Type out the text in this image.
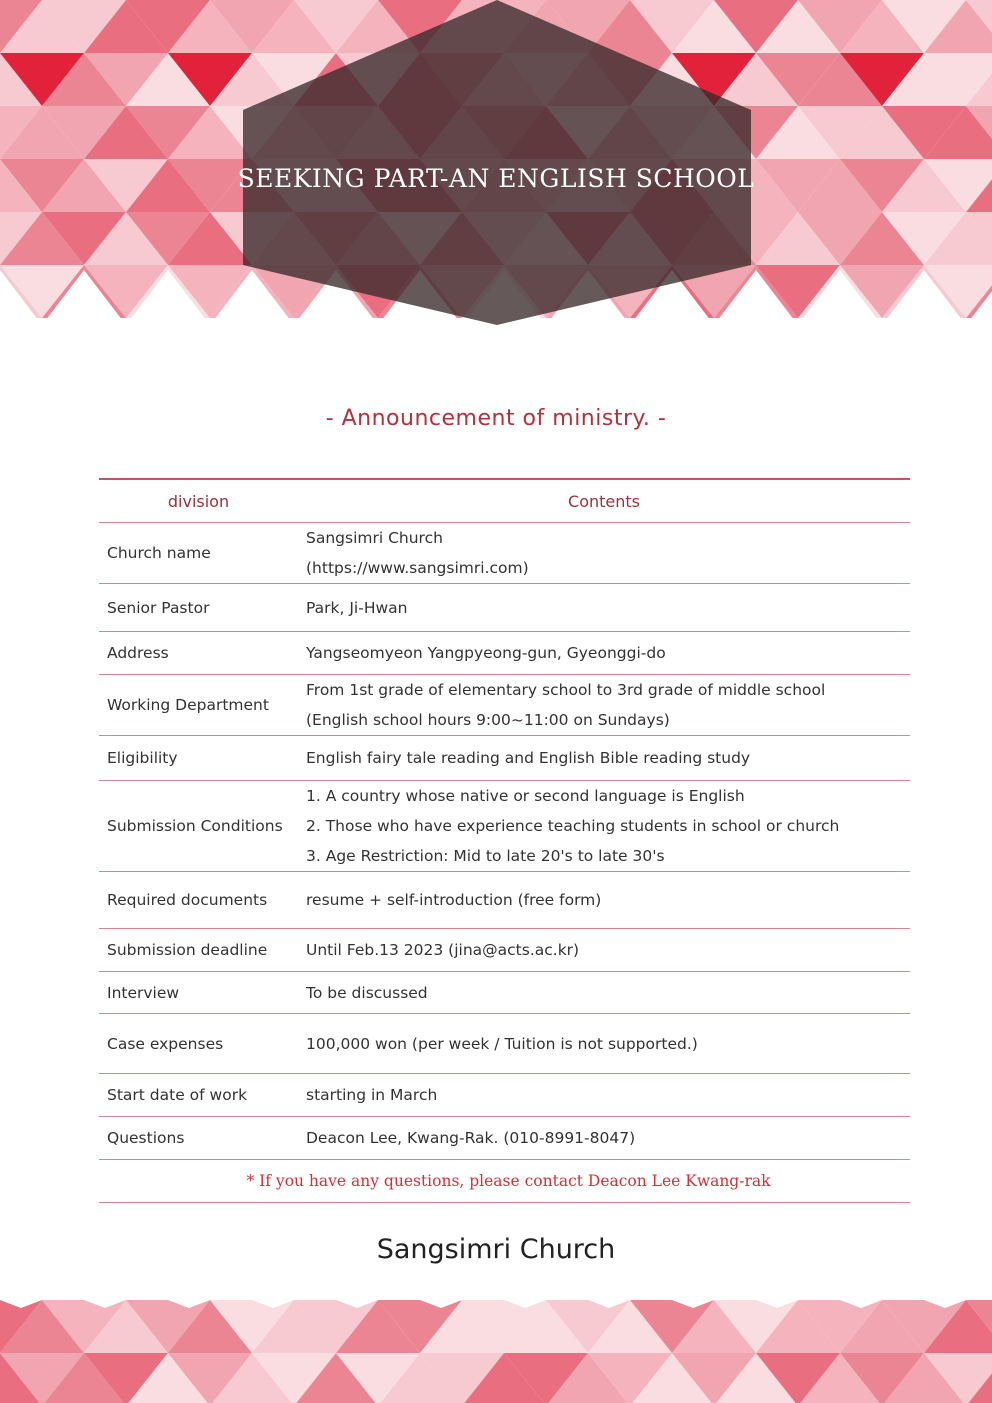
SEEKING PART-AN ENGLISH SCHOOL
- Announcement of ministry. -
division	Contents
Church name	Sangsimri Church
(https://www.sangsimri.com)

Senior Pastor	Park, Ji-Hwan

Address	Yangseomyeon Yangpyeong-gun, Gyeonggi-do

Working Department	From 1st grade of elementary school to 3rd grade of middle school
(English school hours 9:00~11:00 on Sundays)

Eligibility	English fairy tale reading and English Bible reading study

Submission Conditions	1. A country whose native or second language is English
2. Those who have experience teaching students in school or church
3. Age Restriction: Mid to late 20's to late 30's

Required documents	resume + self-introduction (free form)

Submission deadline	Until Feb.13 2023 (jina@acts.ac.kr)

Interview	To be discussed

Case expenses	100,000 won (per week / Tuition is not supported.)

Start date of work	starting in March

Questions	Deacon Lee, Kwang-Rak. (010-8991-8047)

* If you have any questions, please contact Deacon Lee Kwang-rak	
Sangsimri Church
